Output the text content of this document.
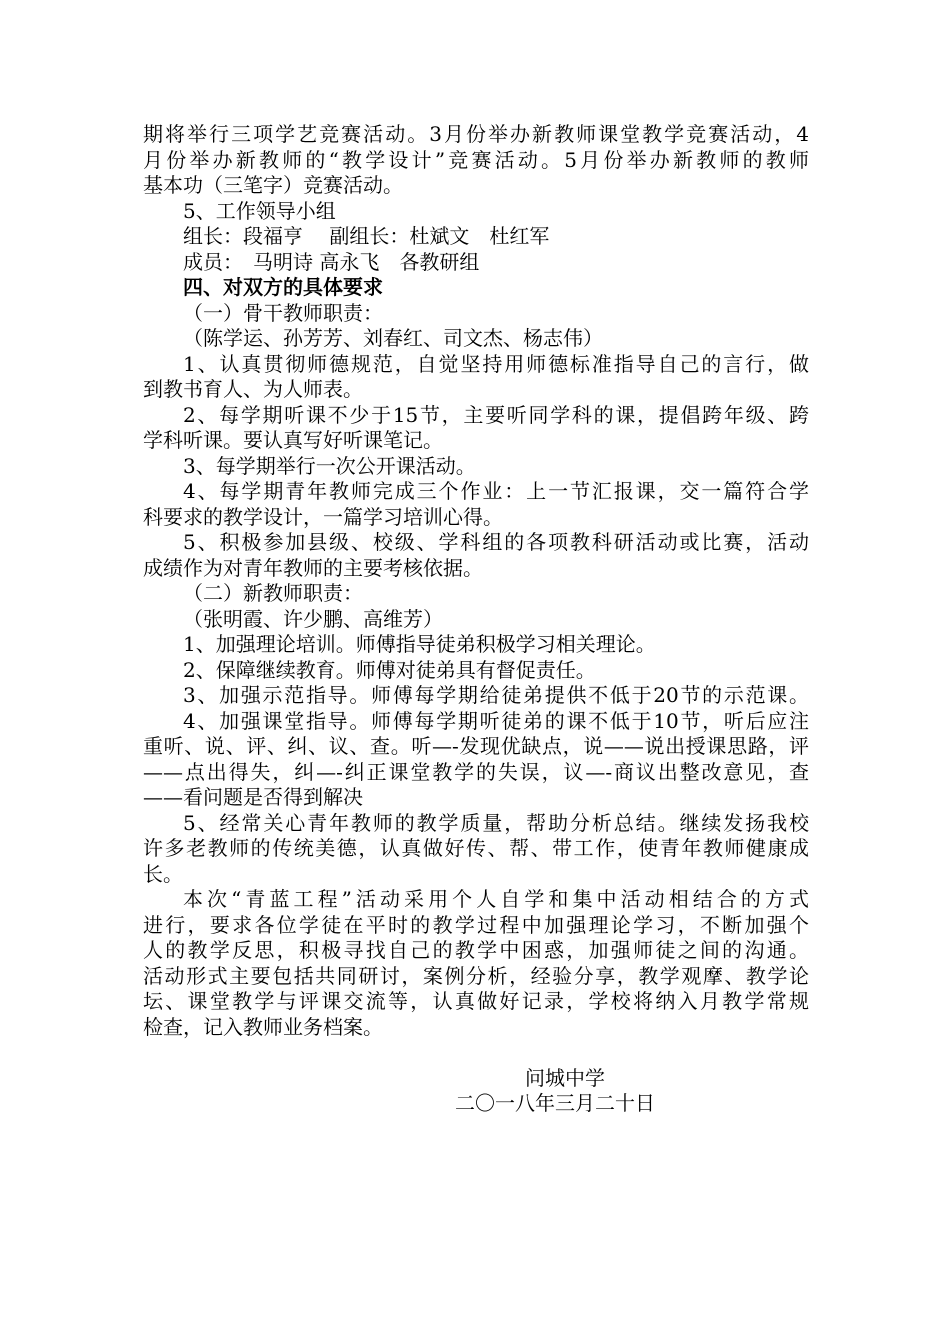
期将举行三项学艺竞赛活动。3月份举办新教师课堂教学竞赛活动，4

月份举办新教师的“教学设计”竞赛活动。5月份举办新教师的教师

基本功（三笔字）竞赛活动。

5、工作领导小组

组长：段福亨　 副组长：杜斌文　杜红军

成员：　马明诗 高永飞　各教研组

四、对双方的具体要求

（一）骨干教师职责：

（陈学运、孙芳芳、刘春红、司文杰、杨志伟）

1、认真贯彻师德规范，自觉坚持用师德标准指导自己的言行，做

到教书育人、为人师表。

2、每学期听课不少于15节，主要听同学科的课，提倡跨年级、跨

学科听课。要认真写好听课笔记。

3、每学期举行一次公开课活动。

4、每学期青年教师完成三个作业：上一节汇报课，交一篇符合学

科要求的教学设计，一篇学习培训心得。

5、积极参加县级、校级、学科组的各项教科研活动或比赛，活动

成绩作为对青年教师的主要考核依据。

（二）新教师职责：

（张明霞、许少鹏、高维芳）

1、加强理论培训。师傅指导徒弟积极学习相关理论。

2、保障继续教育。师傅对徒弟具有督促责任。

3、加强示范指导。师傅每学期给徒弟提供不低于20节的示范课。

4、加强课堂指导。师傅每学期听徒弟的课不低于10节，听后应注

重听、说、评、纠、议、查。听—-发现优缺点，说——说出授课思路，评

——点出得失，纠—-纠正课堂教学的失误，议—-商议出整改意见，查

——看问题是否得到解决

5、经常关心青年教师的教学质量，帮助分析总结。继续发扬我校

许多老教师的传统美德，认真做好传、帮、带工作，使青年教师健康成

长。

本次“青蓝工程”活动采用个人自学和集中活动相结合的方式

进行，要求各位学徒在平时的教学过程中加强理论学习，不断加强个

人的教学反思，积极寻找自己的教学中困惑，加强师徒之间的沟通。

活动形式主要包括共同研讨，案例分析，经验分享，教学观摩、教学论

坛、课堂教学与评课交流等，认真做好记录，学校将纳入月教学常规

检查，记入教师业务档案。

问城中学

二〇一八年三月二十日
